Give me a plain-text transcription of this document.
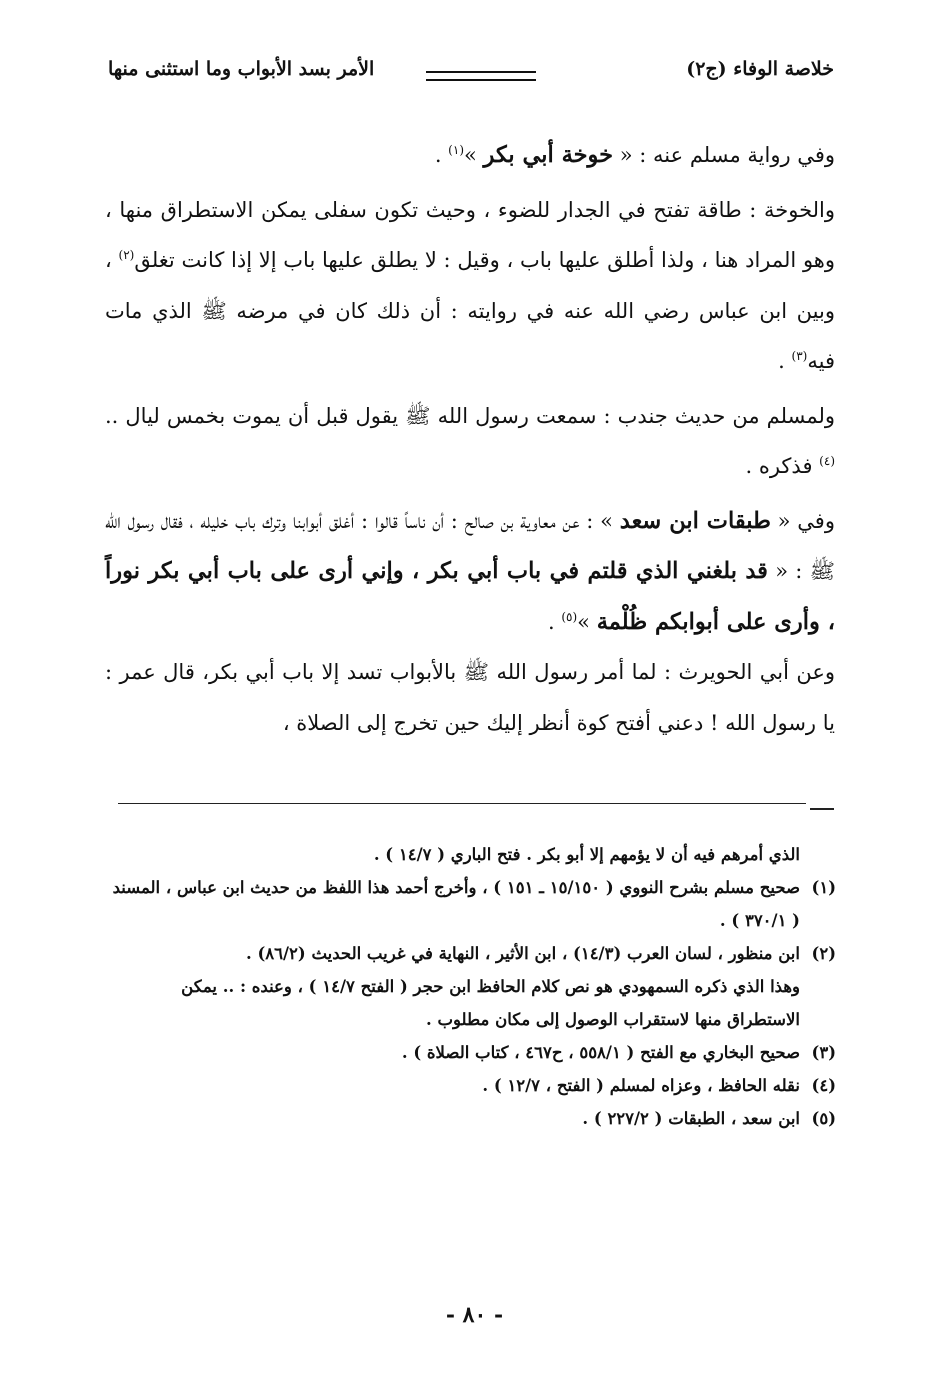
خلاصة الوفاء (ج٢)
الأمر بسد الأبواب وما استثنى منها

وفي رواية مسلم عنه : « خوخة أبي بكر »$^{(١)}$ .

والخوخة : طاقة تفتح في الجدار للضوء ، وحيث تكون سفلى يمكن الاستطراق منها ، وهو المراد هنا ، ولذا أطلق عليها باب ، وقيل : لا يطلق عليها باب إلا إذا كانت تغلق$^{(٢)}$ ، وبين ابن عباس رضي الله عنه في روايته : أن ذلك كان في مرضه ﷺ الذي مات فيه$^{(٣)}$ .

ولمسلم من حديث جندب : سمعت رسول الله ﷺ يقول قبل أن يموت بخمس ليال ..$^{(٤)}$ فذكره .

وفي « طبقات ابن سعد » : عن معاوية بن صالح : أن ناساً قالوا : أغلق أبوابنا وترك باب خليله ، فقال رسول الله ﷺ : « قد بلغني الذي قلتم في باب أبي بكر ، وإني أرى على باب أبي بكر نوراً ، وأرى على أبوابكم ظُلْمة »$^{(٥)}$ .

وعن أبي الحويرث : لما أمر رسول الله ﷺ بالأبواب تسد إلا باب أبي بكر، قال عمر : يا رسول الله ! دعني أفتح كوة أنظر إليك حين تخرج إلى الصلاة ،

الذي أمرهم فيه أن لا يؤمهم إلا أبو بكر . فتح الباري ( ١٤/٧ ) .
(١)
صحيح مسلم بشرح النووي ( ١٥/١٥٠ ـ ١٥١ ) ، وأخرج أحمد هذا اللفظ من حديث ابن عباس ، المسند ( ٣٧٠/١ ) .
(٢)
ابن منظور ، لسان العرب (١٤/٣) ، ابن الأثير ، النهاية في غريب الحديث (٨٦/٢) .
وهذا الذي ذكره السمهودي هو نص كلام الحافظ ابن حجر ( الفتح ١٤/٧ ) ، وعنده : .. يمكن الاستطراق منها لاستقراب الوصول إلى مكان مطلوب .
(٣)
صحيح البخاري مع الفتح ( ٥٥٨/١ ، ح٤٦٧ ، كتاب الصلاة ) .
(٤)
نقله الحافظ ، وعزاه لمسلم ( الفتح ، ١٢/٧ ) .
(٥)
ابن سعد ، الطبقات ( ٢٢٧/٢ ) .
- ٨٠ -
